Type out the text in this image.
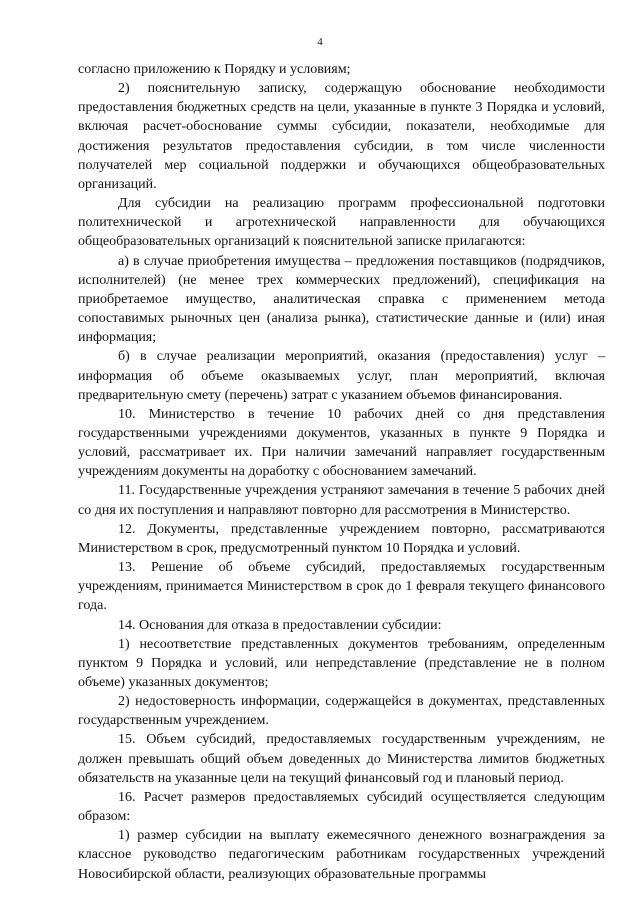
4

согласно приложению к Порядку и условиям;

2) пояснительную записку, содержащую обоснование необходимости предоставления бюджетных средств на цели, указанные в пункте 3 Порядка и условий, включая расчет-обоснование суммы субсидии, показатели, необходимые для достижения результатов предоставления субсидии, в том числе численности получателей мер социальной поддержки и обучающихся общеобразовательных организаций.

Для субсидии на реализацию программ профессиональной подготовки политехнической и агротехнической направленности для обучающихся общеобразовательных организаций к пояснительной записке прилагаются:

а) в случае приобретения имущества – предложения поставщиков (подрядчиков, исполнителей) (не менее трех коммерческих предложений), спецификация на приобретаемое имущество, аналитическая справка с применением метода сопоставимых рыночных цен (анализа рынка), статистические данные и (или) иная информация;

б) в случае реализации мероприятий, оказания (предоставления) услуг – информация об объеме оказываемых услуг, план мероприятий, включая предварительную смету (перечень) затрат с указанием объемов финансирования.

10. Министерство в течение 10 рабочих дней со дня представления государственными учреждениями документов, указанных в пункте 9 Порядка и условий, рассматривает их. При наличии замечаний направляет государственным учреждениям документы на доработку с обоснованием замечаний.

11. Государственные учреждения устраняют замечания в течение 5 рабочих дней со дня их поступления и направляют повторно для рассмотрения в Министерство.

12. Документы, представленные учреждением повторно, рассматриваются Министерством в срок, предусмотренный пунктом 10 Порядка и условий.

13. Решение об объеме субсидий, предоставляемых государственным учреждениям, принимается Министерством в срок до 1 февраля текущего финансового года.

14. Основания для отказа в предоставлении субсидии:

1) несоответствие представленных документов требованиям, определенным пунктом 9 Порядка и условий, или непредставление (представление не в полном объеме) указанных документов;

2) недостоверность информации, содержащейся в документах, представленных государственным учреждением.

15. Объем субсидий, предоставляемых государственным учреждениям, не должен превышать общий объем доведенных до Министерства лимитов бюджетных обязательств на указанные цели на текущий финансовый год и плановый период.

16. Расчет размеров предоставляемых субсидий осуществляется следующим образом:

1) размер субсидии на выплату ежемесячного денежного вознаграждения за классное руководство педагогическим работникам государственных учреждений Новосибирской области, реализующих образовательные программы
